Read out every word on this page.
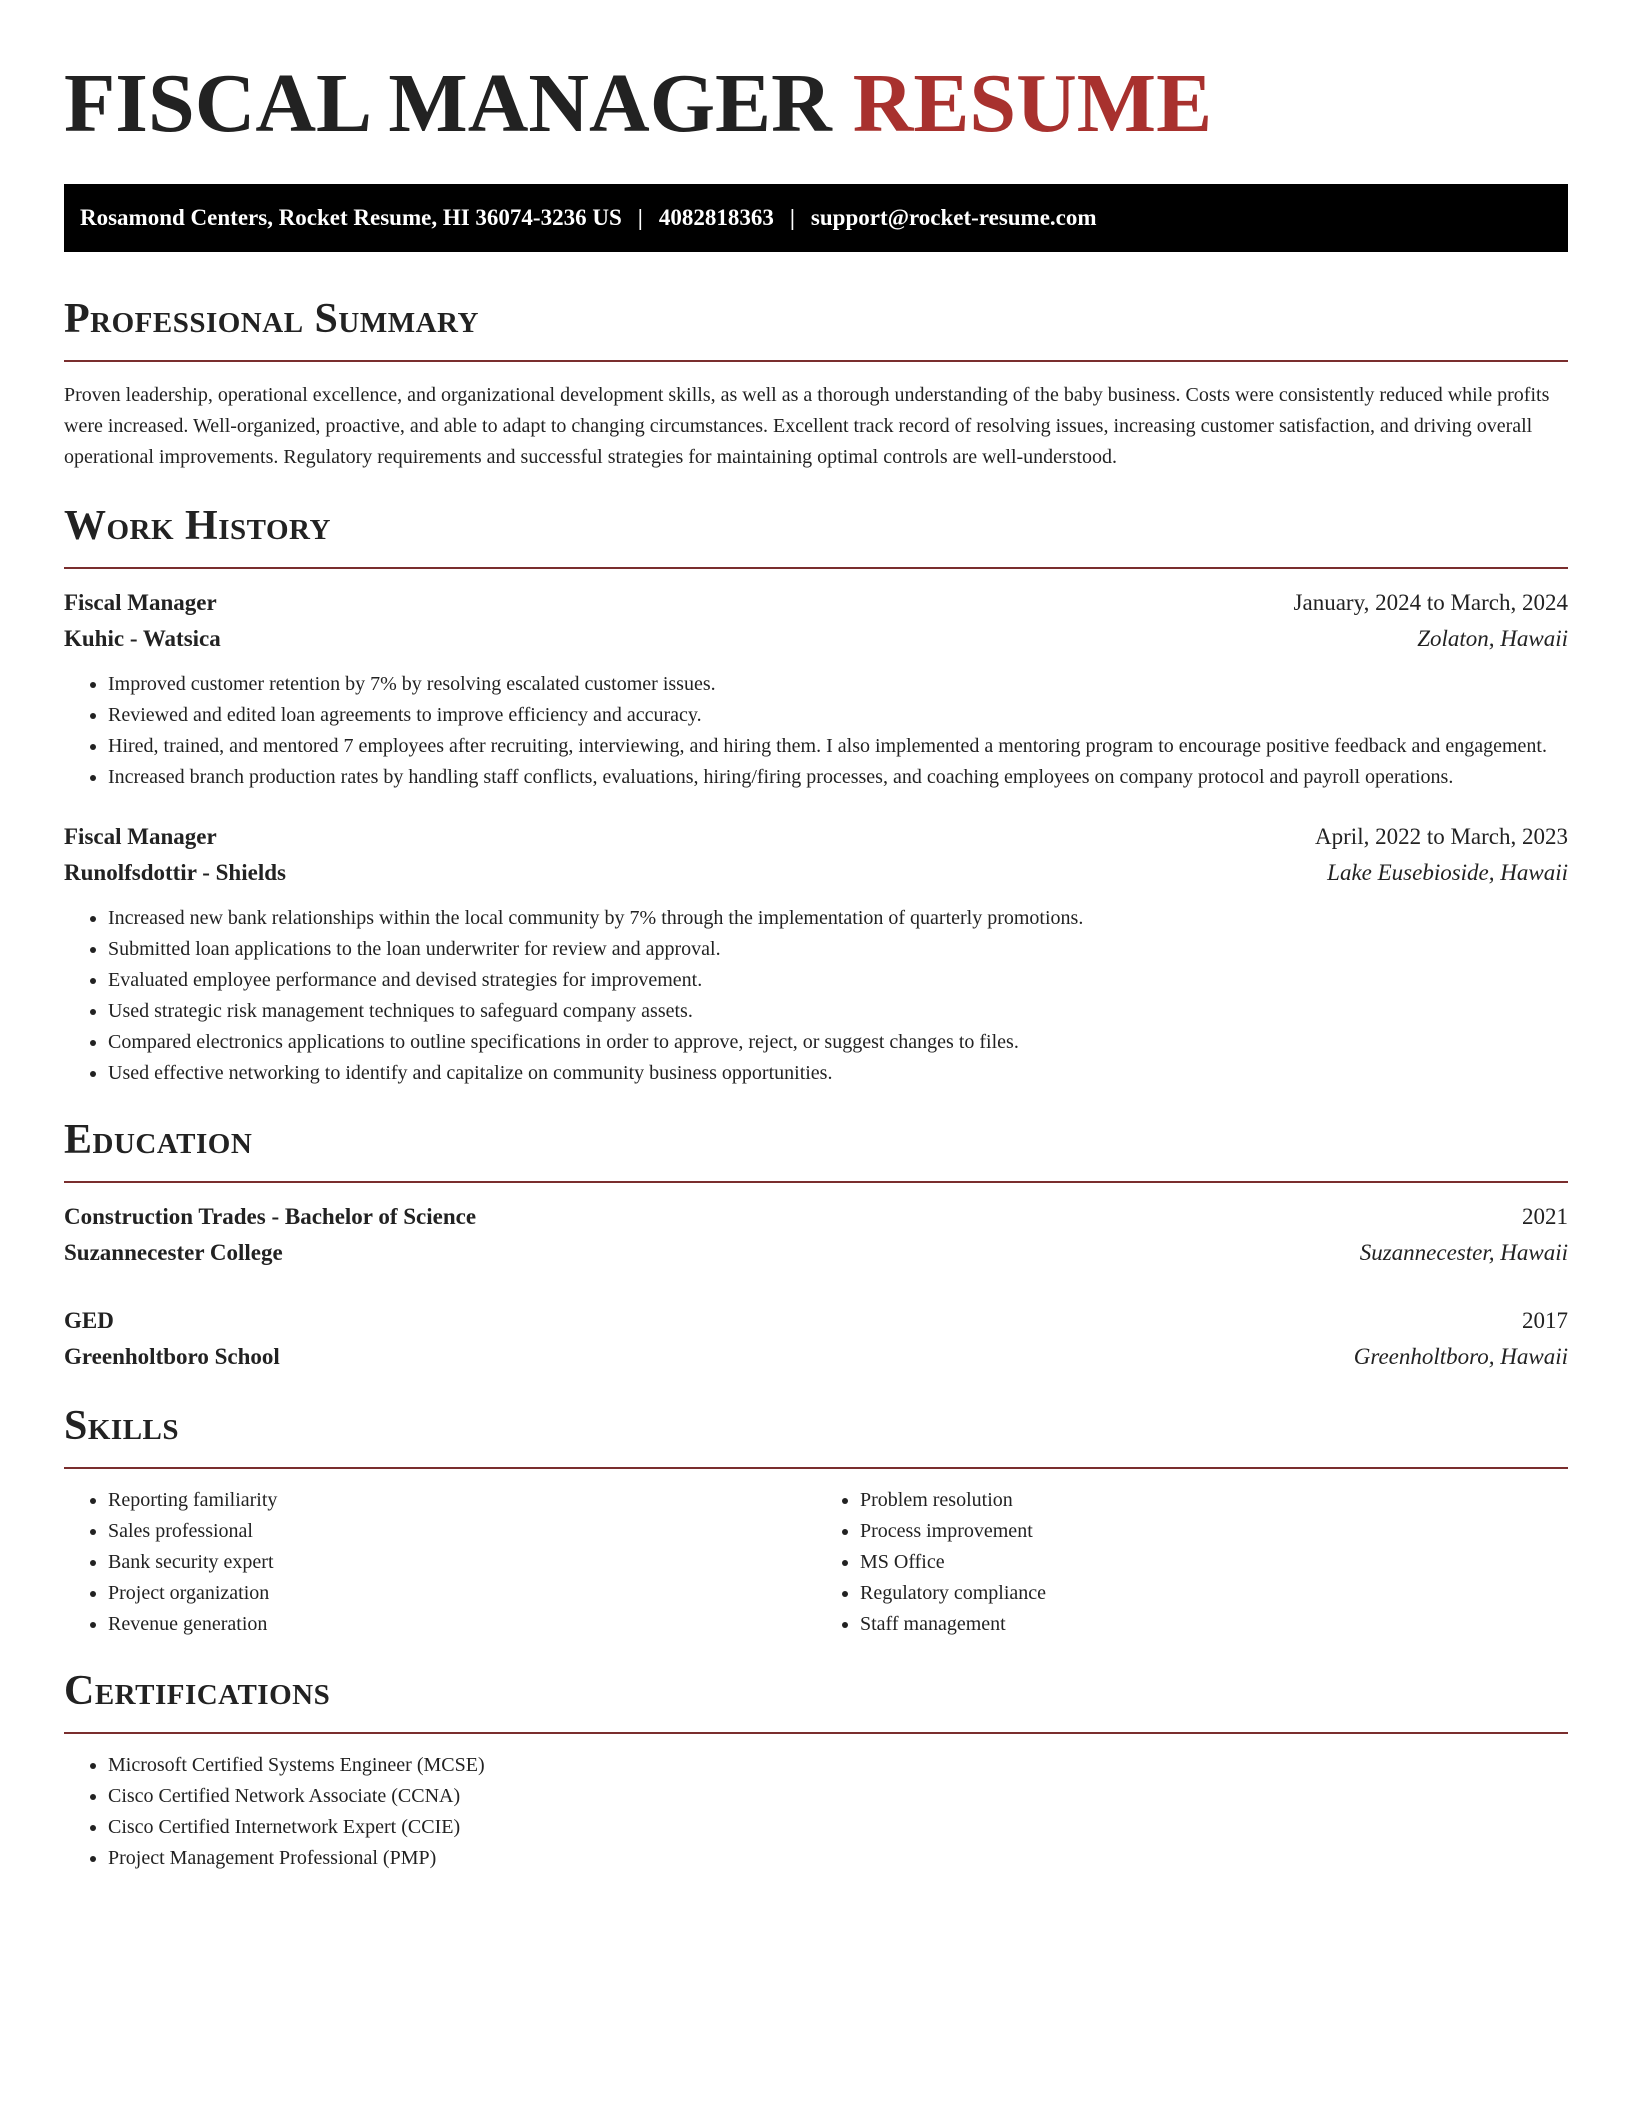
FISCAL MANAGER RESUME
Rosamond Centers, Rocket Resume, HI 36074-3236 US | 4082818363 | support@rocket-resume.com
Professional Summary

Proven leadership, operational excellence, and organizational development skills, as well as a thorough understanding of the baby business. Costs were consistently reduced while profits were increased. Well-organized, proactive, and able to adapt to changing circumstances. Excellent track record of resolving issues, increasing customer satisfaction, and driving overall operational improvements. Regulatory requirements and successful strategies for maintaining optimal controls are well-understood.

Work History
Fiscal Manager	January, 2024 to March, 2024
Kuhic - Watsica	Zolaton, Hawaii
• Improved customer retention by 7% by resolving escalated customer issues.
• Reviewed and edited loan agreements to improve efficiency and accuracy.
• Hired, trained, and mentored 7 employees after recruiting, interviewing, and hiring them. I also implemented a mentoring program to encourage positive feedback and engagement.
• Increased branch production rates by handling staff conflicts, evaluations, hiring/firing processes, and coaching employees on company protocol and payroll operations.
Fiscal Manager	April, 2022 to March, 2023
Runolfsdottir - Shields	Lake Eusebioside, Hawaii
• Increased new bank relationships within the local community by 7% through the implementation of quarterly promotions.
• Submitted loan applications to the loan underwriter for review and approval.
• Evaluated employee performance and devised strategies for improvement.
• Used strategic risk management techniques to safeguard company assets.
• Compared electronics applications to outline specifications in order to approve, reject, or suggest changes to files.
• Used effective networking to identify and capitalize on community business opportunities.
Education
Construction Trades - Bachelor of Science	2021
Suzannecester College	Suzannecester, Hawaii
GED	2017
Greenholtboro School	Greenholtboro, Hawaii
Skills
• Reporting familiarity
• Sales professional
• Bank security expert
• Project organization
• Revenue generation
• Problem resolution
• Process improvement
• MS Office
• Regulatory compliance
• Staff management
Certifications
• Microsoft Certified Systems Engineer (MCSE)
• Cisco Certified Network Associate (CCNA)
• Cisco Certified Internetwork Expert (CCIE)
• Project Management Professional (PMP)
